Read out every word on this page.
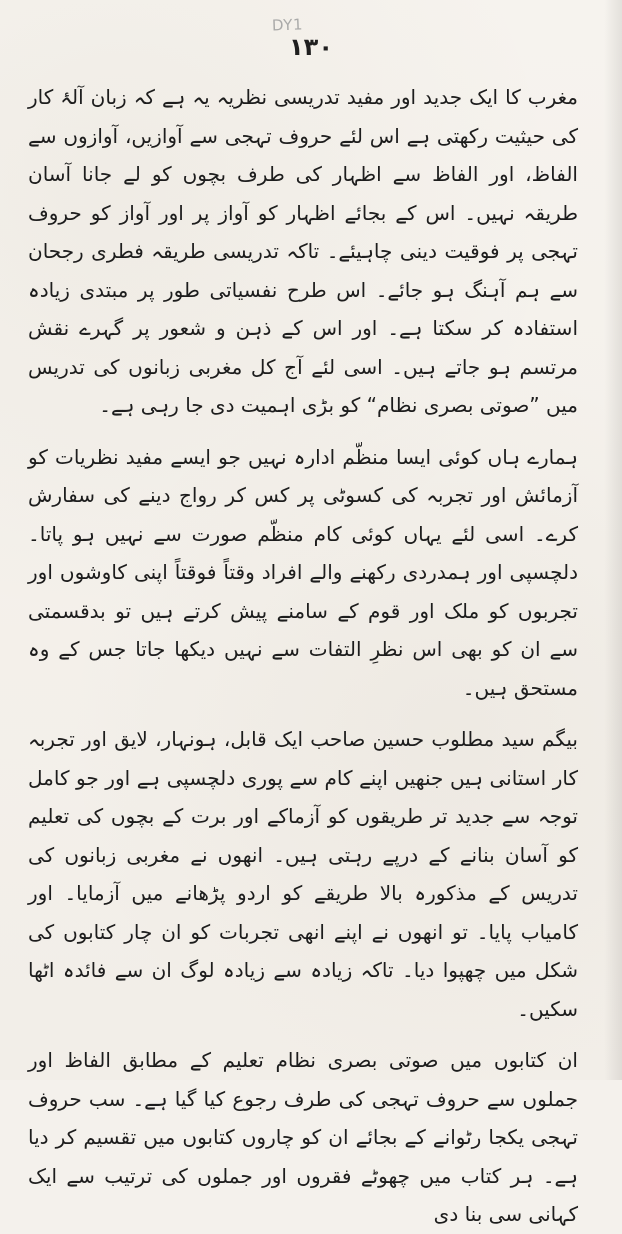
DY1
۱۳۰

مغرب کا ایک جدید اور مفید تدریسی نظریہ یہ ہے کہ زبان آلۂ کار کی حیثیت رکھتی ہے اس لئے حروف تہجی سے آوازیں، آوازوں سے الفاظ، اور الفاظ سے اظہار کی طرف بچوں کو لے جانا آسان طریقہ نہیں۔ اس کے بجائے اظہار کو آواز پر اور آواز کو حروف تہجی پر فوقیت دینی چاہیئے۔ تاکہ تدریسی طریقہ فطری رجحان سے ہم آہنگ ہو جائے۔ اس طرح نفسیاتی طور پر مبتدی زیادہ استفادہ کر سکتا ہے۔ اور اس کے ذہن و شعور پر گہرے نقش مرتسم ہو جاتے ہیں۔ اسی لئے آج کل مغربی زبانوں کی تدریس میں ”صوتی بصری نظام“ کو بڑی اہمیت دی جا رہی ہے۔

ہمارے ہاں کوئی ایسا منظّم ادارہ نہیں جو ایسے مفید نظریات کو آزمائش اور تجربہ کی کسوٹی پر کس کر رواج دینے کی سفارش کرے۔ اسی لئے یہاں کوئی کام منظّم صورت سے نہیں ہو پاتا۔ دلچسپی اور ہمدردی رکھنے والے افراد وقتاً فوقتاً اپنی کاوشوں اور تجربوں کو ملک اور قوم کے سامنے پیش کرتے ہیں تو بدقسمتی سے ان کو بھی اس نظرِ التفات سے نہیں دیکھا جاتا جس کے وہ مستحق ہیں۔

بیگم سید مطلوب حسین صاحب ایک قابل، ہونہار، لایق اور تجربہ کار استانی ہیں جنھیں اپنے کام سے پوری دلچسپی ہے اور جو کامل توجہ سے جدید تر طریقوں کو آزماکے اور برت کے بچوں کی تعلیم کو آسان بنانے کے درپے رہتی ہیں۔ انھوں نے مغربی زبانوں کی تدریس کے مذکورہ بالا طریقے کو اردو پڑھانے میں آزمایا۔ اور کامیاب پایا۔ تو انھوں نے اپنے انھی تجربات کو ان چار کتابوں کی شکل میں چھپوا دیا۔ تاکہ زیادہ سے زیادہ لوگ ان سے فائدہ اٹھا سکیں۔

ان کتابوں میں صوتی بصری نظام تعلیم کے مطابق الفاظ اور جملوں سے حروف تہجی کی طرف رجوع کیا گیا ہے۔ سب حروف تہجی یکجا رٹوانے کے بجائے ان کو چاروں کتابوں میں تقسیم کر دیا ہے۔ ہر کتاب میں چھوٹے فقروں اور جملوں کی ترتیب سے ایک کہانی سی بنا دی
